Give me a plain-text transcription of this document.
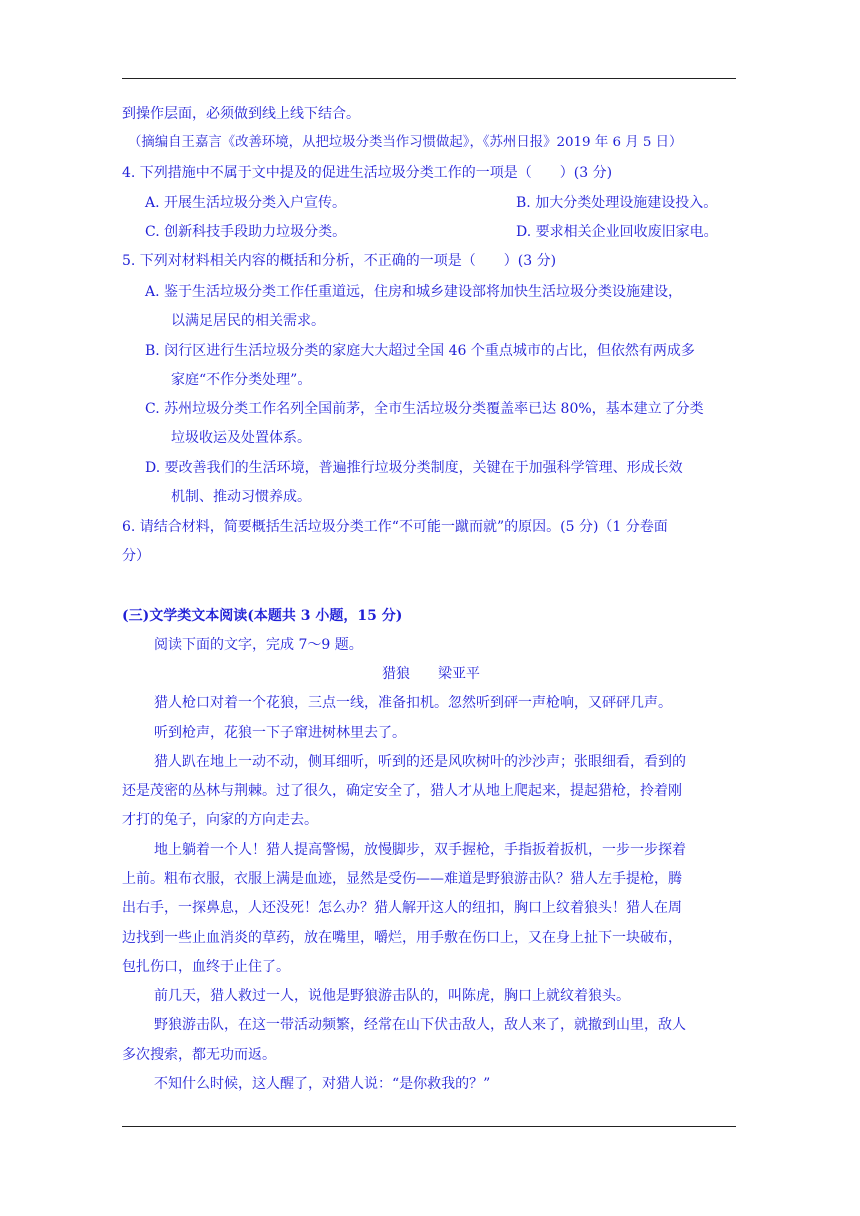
到操作层面，必须做到线上线下结合。
（摘编自王嘉言《改善环境，从把垃圾分类当作习惯做起》，《苏州日报》2019 年 6 月 5 日）
4. 下列措施中不属于文中提及的促进生活垃圾分类工作的一项是（　　）(3 分)
A. 开展生活垃圾分类入户宣传。	B. 加大分类处理设施建设投入。
C. 创新科技手段助力垃圾分类。	D. 要求相关企业回收废旧家电。
5. 下列对材料相关内容的概括和分析，不正确的一项是（　　）(3 分)
A. 鉴于生活垃圾分类工作任重道远，住房和城乡建设部将加快生活垃圾分类设施建设，
以满足居民的相关需求。
B. 闵行区进行生活垃圾分类的家庭大大超过全国 46 个重点城市的占比，但依然有两成多
家庭“不作分类处理”。
C. 苏州垃圾分类工作名列全国前茅，全市生活垃圾分类覆盖率已达 80%，基本建立了分类
垃圾收运及处置体系。
D. 要改善我们的生活环境，普遍推行垃圾分类制度，关键在于加强科学管理、形成长效
机制、推动习惯养成。
6. 请结合材料，简要概括生活垃圾分类工作“不可能一蹴而就”的原因。(5 分)（1 分卷面
分）
(三)文学类文本阅读(本题共 3 小题，15 分)
阅读下面的文字，完成 7～9 题。
猎狼　　梁亚平
猎人枪口对着一个花狼，三点一线，准备扣机。忽然听到砰一声枪响，又砰砰几声。
听到枪声，花狼一下子窜进树林里去了。
猎人趴在地上一动不动，侧耳细听，听到的还是风吹树叶的沙沙声；张眼细看，看到的
还是茂密的丛林与荆棘。过了很久，确定安全了，猎人才从地上爬起来，提起猎枪，拎着刚
才打的兔子，向家的方向走去。
地上躺着一个人！猎人提高警惕，放慢脚步，双手握枪，手指扳着扳机，一步一步探着
上前。粗布衣服，衣服上满是血迹，显然是受伤——难道是野狼游击队？猎人左手提枪，腾
出右手，一探鼻息，人还没死！怎么办？猎人解开这人的纽扣，胸口上纹着狼头！猎人在周
边找到一些止血消炎的草药，放在嘴里，嚼烂，用手敷在伤口上，又在身上扯下一块破布，
包扎伤口，血终于止住了。
前几天，猎人救过一人，说他是野狼游击队的，叫陈虎，胸口上就纹着狼头。
野狼游击队，在这一带活动频繁，经常在山下伏击敌人，敌人来了，就撤到山里，敌人
多次搜索，都无功而返。
不知什么时候，这人醒了，对猎人说：“是你救我的？”
